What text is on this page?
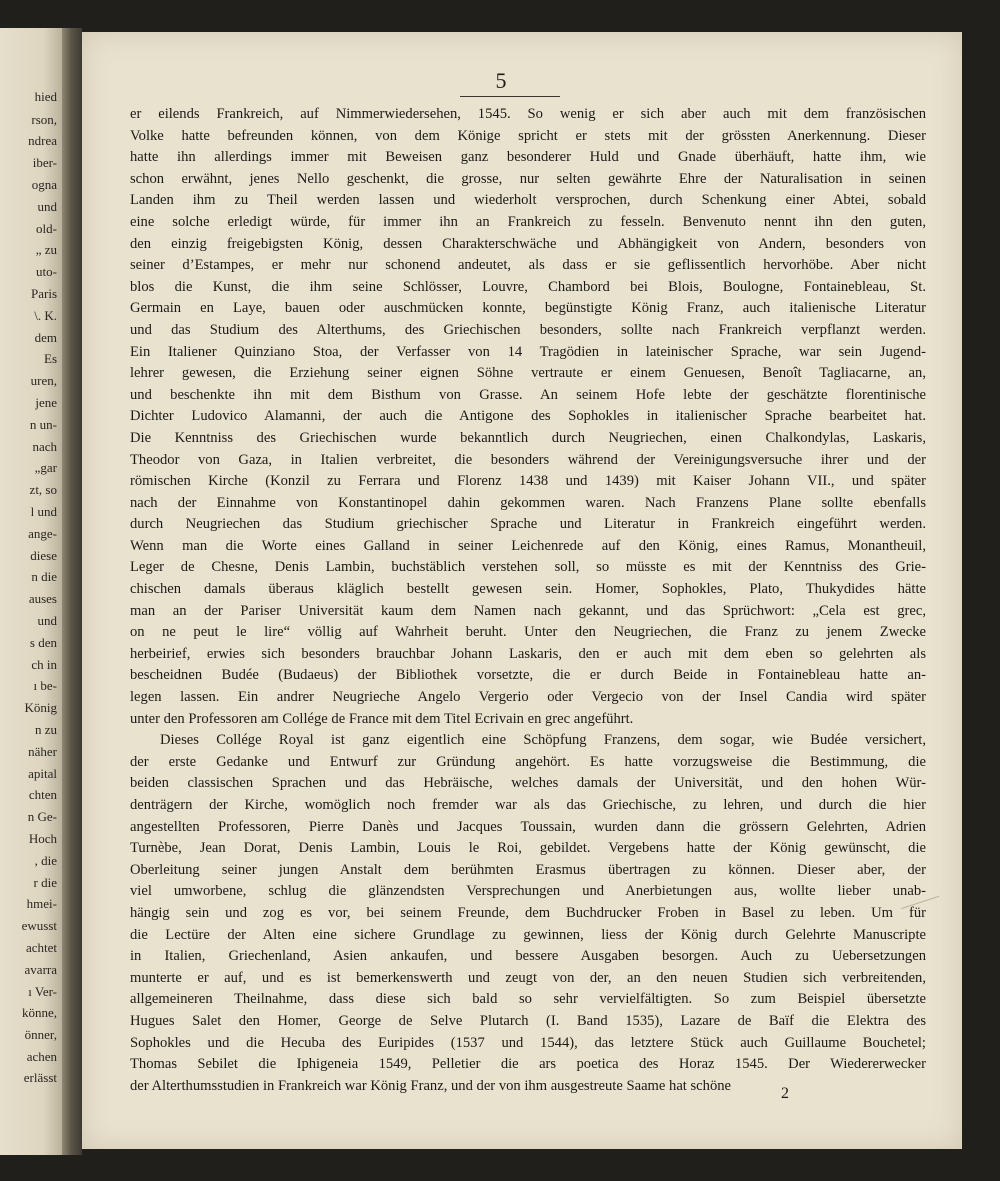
hied
rson,
ndrea
iber-
ogna
und
old-
„ zu
uto-
Paris
\. K.
dem
Es
uren,
jene
n un-
nach
„gar
zt, so
l und
ange-
diese
n die
auses
und
s den
ch in
ı be-
König
n zu
näher
apital
chten
n Ge-
Hoch
, die
r die
hmei-
ewusst
achtet
avarra
ı Ver-
könne,
önner,
achen
erlässt
5
er eilends Frankreich, auf Nimmerwiedersehen, 1545. So wenig er sich aber auch mit dem französischen
Volke hatte befreunden können, von dem Könige spricht er stets mit der grössten Anerkennung. Dieser
hatte ihn allerdings immer mit Beweisen ganz besonderer Huld und Gnade überhäuft, hatte ihm, wie
schon erwähnt, jenes Nello geschenkt, die grosse, nur selten gewährte Ehre der Naturalisation in seinen
Landen ihm zu Theil werden lassen und wiederholt versprochen, durch Schenkung einer Abtei, sobald
eine solche erledigt würde, für immer ihn an Frankreich zu fesseln. Benvenuto nennt ihn den guten,
den einzig freigebigsten König, dessen Charakterschwäche und Abhängigkeit von Andern, besonders von
seiner d’Estampes, er mehr nur schonend andeutet, als dass er sie geflissentlich hervorhöbe. Aber nicht
blos die Kunst, die ihm seine Schlösser, Louvre, Chambord bei Blois, Boulogne, Fontainebleau, St.
Germain en Laye, bauen oder auschmücken konnte, begünstigte König Franz, auch italienische Literatur
und das Studium des Alterthums, des Griechischen besonders, sollte nach Frankreich verpflanzt werden.
Ein Italiener Quinziano Stoa, der Verfasser von 14 Tragödien in lateinischer Sprache, war sein Jugend-
lehrer gewesen, die Erziehung seiner eignen Söhne vertraute er einem Genuesen, Benoît Tagliacarne, an,
und beschenkte ihn mit dem Bisthum von Grasse. An seinem Hofe lebte der geschätzte florentinische
Dichter Ludovico Alamanni, der auch die Antigone des Sophokles in italienischer Sprache bearbeitet hat.
Die Kenntniss des Griechischen wurde bekanntlich durch Neugriechen, einen Chalkondylas, Laskaris,
Theodor von Gaza, in Italien verbreitet, die besonders während der Vereinigungsversuche ihrer und der
römischen Kirche (Konzil zu Ferrara und Florenz 1438 und 1439) mit Kaiser Johann VII., und später
nach der Einnahme von Konstantinopel dahin gekommen waren. Nach Franzens Plane sollte ebenfalls
durch Neugriechen das Studium griechischer Sprache und Literatur in Frankreich eingeführt werden.
Wenn man die Worte eines Galland in seiner Leichenrede auf den König, eines Ramus, Monantheuil,
Leger de Chesne, Denis Lambin, buchstäblich verstehen soll, so müsste es mit der Kenntniss des Grie-
chischen damals überaus kläglich bestellt gewesen sein. Homer, Sophokles, Plato, Thukydides hätte
man an der Pariser Universität kaum dem Namen nach gekannt, und das Sprüchwort: „Cela est grec,
on ne peut le lire“ völlig auf Wahrheit beruht. Unter den Neugriechen, die Franz zu jenem Zwecke
herbeirief, erwies sich besonders brauchbar Johann Laskaris, den er auch mit dem eben so gelehrten als
bescheidnen Budée (Budaeus) der Bibliothek vorsetzte, die er durch Beide in Fontainebleau hatte an-
legen lassen. Ein andrer Neugrieche Angelo Vergerio oder Vergecio von der Insel Candia wird später
unter den Professoren am Collége de France mit dem Titel Ecrivain en grec angeführt.
Dieses Collége Royal ist ganz eigentlich eine Schöpfung Franzens, dem sogar, wie Budée versichert,
der erste Gedanke und Entwurf zur Gründung angehört. Es hatte vorzugsweise die Bestimmung, die
beiden classischen Sprachen und das Hebräische, welches damals der Universität, und den hohen Wür-
denträgern der Kirche, womöglich noch fremder war als das Griechische, zu lehren, und durch die hier
angestellten Professoren, Pierre Danès und Jacques Toussain, wurden dann die grössern Gelehrten, Adrien
Turnèbe, Jean Dorat, Denis Lambin, Louis le Roi, gebildet. Vergebens hatte der König gewünscht, die
Oberleitung seiner jungen Anstalt dem berühmten Erasmus übertragen zu können. Dieser aber, der
viel umworbene, schlug die glänzendsten Versprechungen und Anerbietungen aus, wollte lieber unab-
hängig sein und zog es vor, bei seinem Freunde, dem Buchdrucker Froben in Basel zu leben. Um für
die Lectüre der Alten eine sichere Grundlage zu gewinnen, liess der König durch Gelehrte Manuscripte
in Italien, Griechenland, Asien ankaufen, und bessere Ausgaben besorgen. Auch zu Uebersetzungen
munterte er auf, und es ist bemerkenswerth und zeugt von der, an den neuen Studien sich verbreitenden,
allgemeineren Theilnahme, dass diese sich bald so sehr vervielfältigten. So zum Beispiel übersetzte
Hugues Salet den Homer, George de Selve Plutarch (I. Band 1535), Lazare de Baïf die Elektra des
Sophokles und die Hecuba des Euripides (1537 und 1544), das letztere Stück auch Guillaume Bouchetel;
Thomas Sebilet die Iphigeneia 1549, Pelletier die ars poetica des Horaz 1545. Der Wiedererwecker
der Alterthumsstudien in Frankreich war König Franz, und der von ihm ausgestreute Saame hat schöne	2
